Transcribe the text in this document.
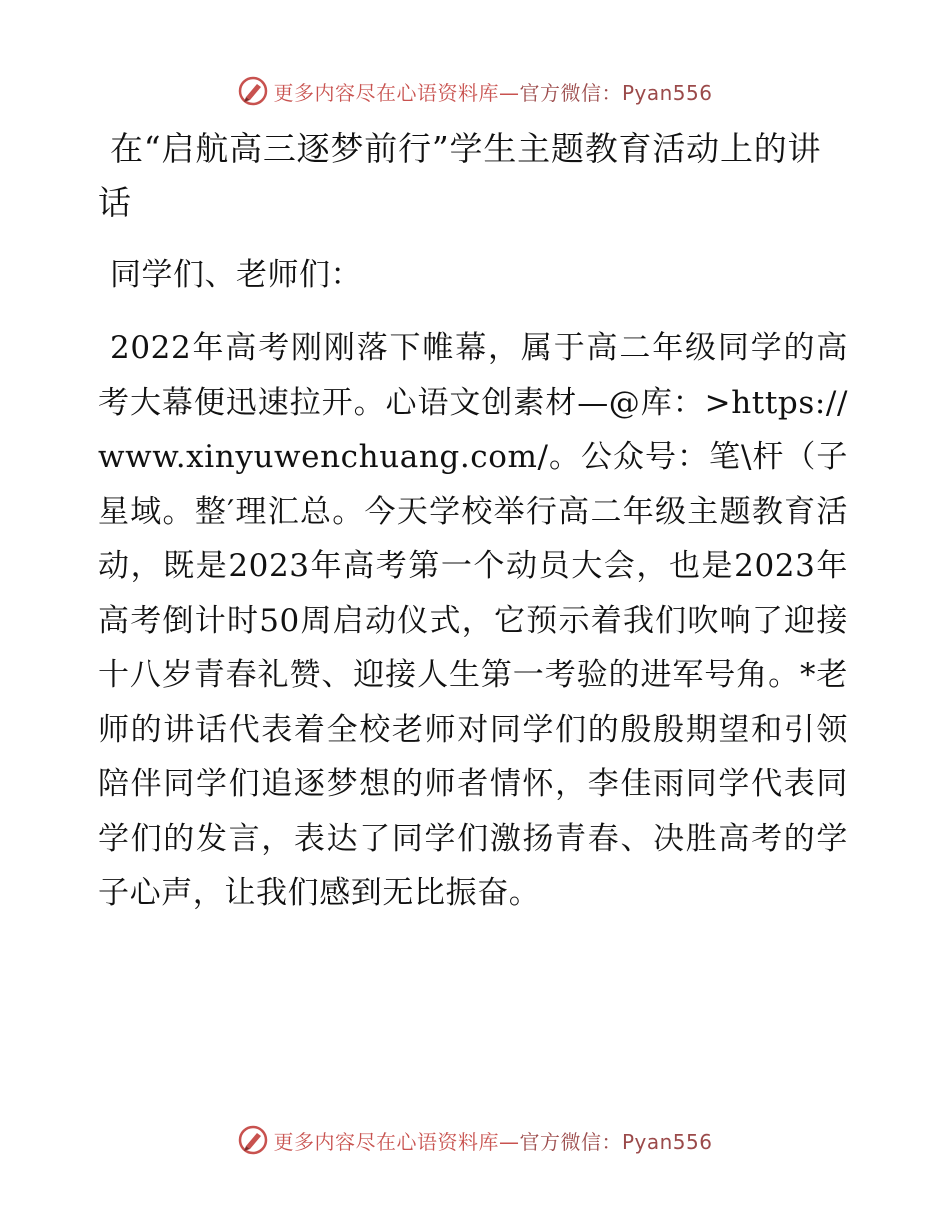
更多内容尽在心语资料库—官方微信：Pyan556
在“启航高三逐梦前行”学生主题教育活动上的讲话

同学们、老师们：

2022年高考刚刚落下帷幕，属于高二年级同学的高考大幕便迅速拉开。心语文创素材—@库：>https://www.xinyuwenchuang.com/。公众号：笔\杆（子星域。整′理汇总。今天学校举行高二年级主题教育活动，既是2023年高考第一个动员大会，也是2023年高考倒计时50周启动仪式，它预示着我们吹响了迎接十八岁青春礼赞、迎接人生第一考验的进军号角。*老师的讲话代表着全校老师对同学们的殷殷期望和引领陪伴同学们追逐梦想的师者情怀，李佳雨同学代表同学们的发言，表达了同学们激扬青春、决胜高考的学子心声，让我们感到无比振奋。

更多内容尽在心语资料库—官方微信：Pyan556
